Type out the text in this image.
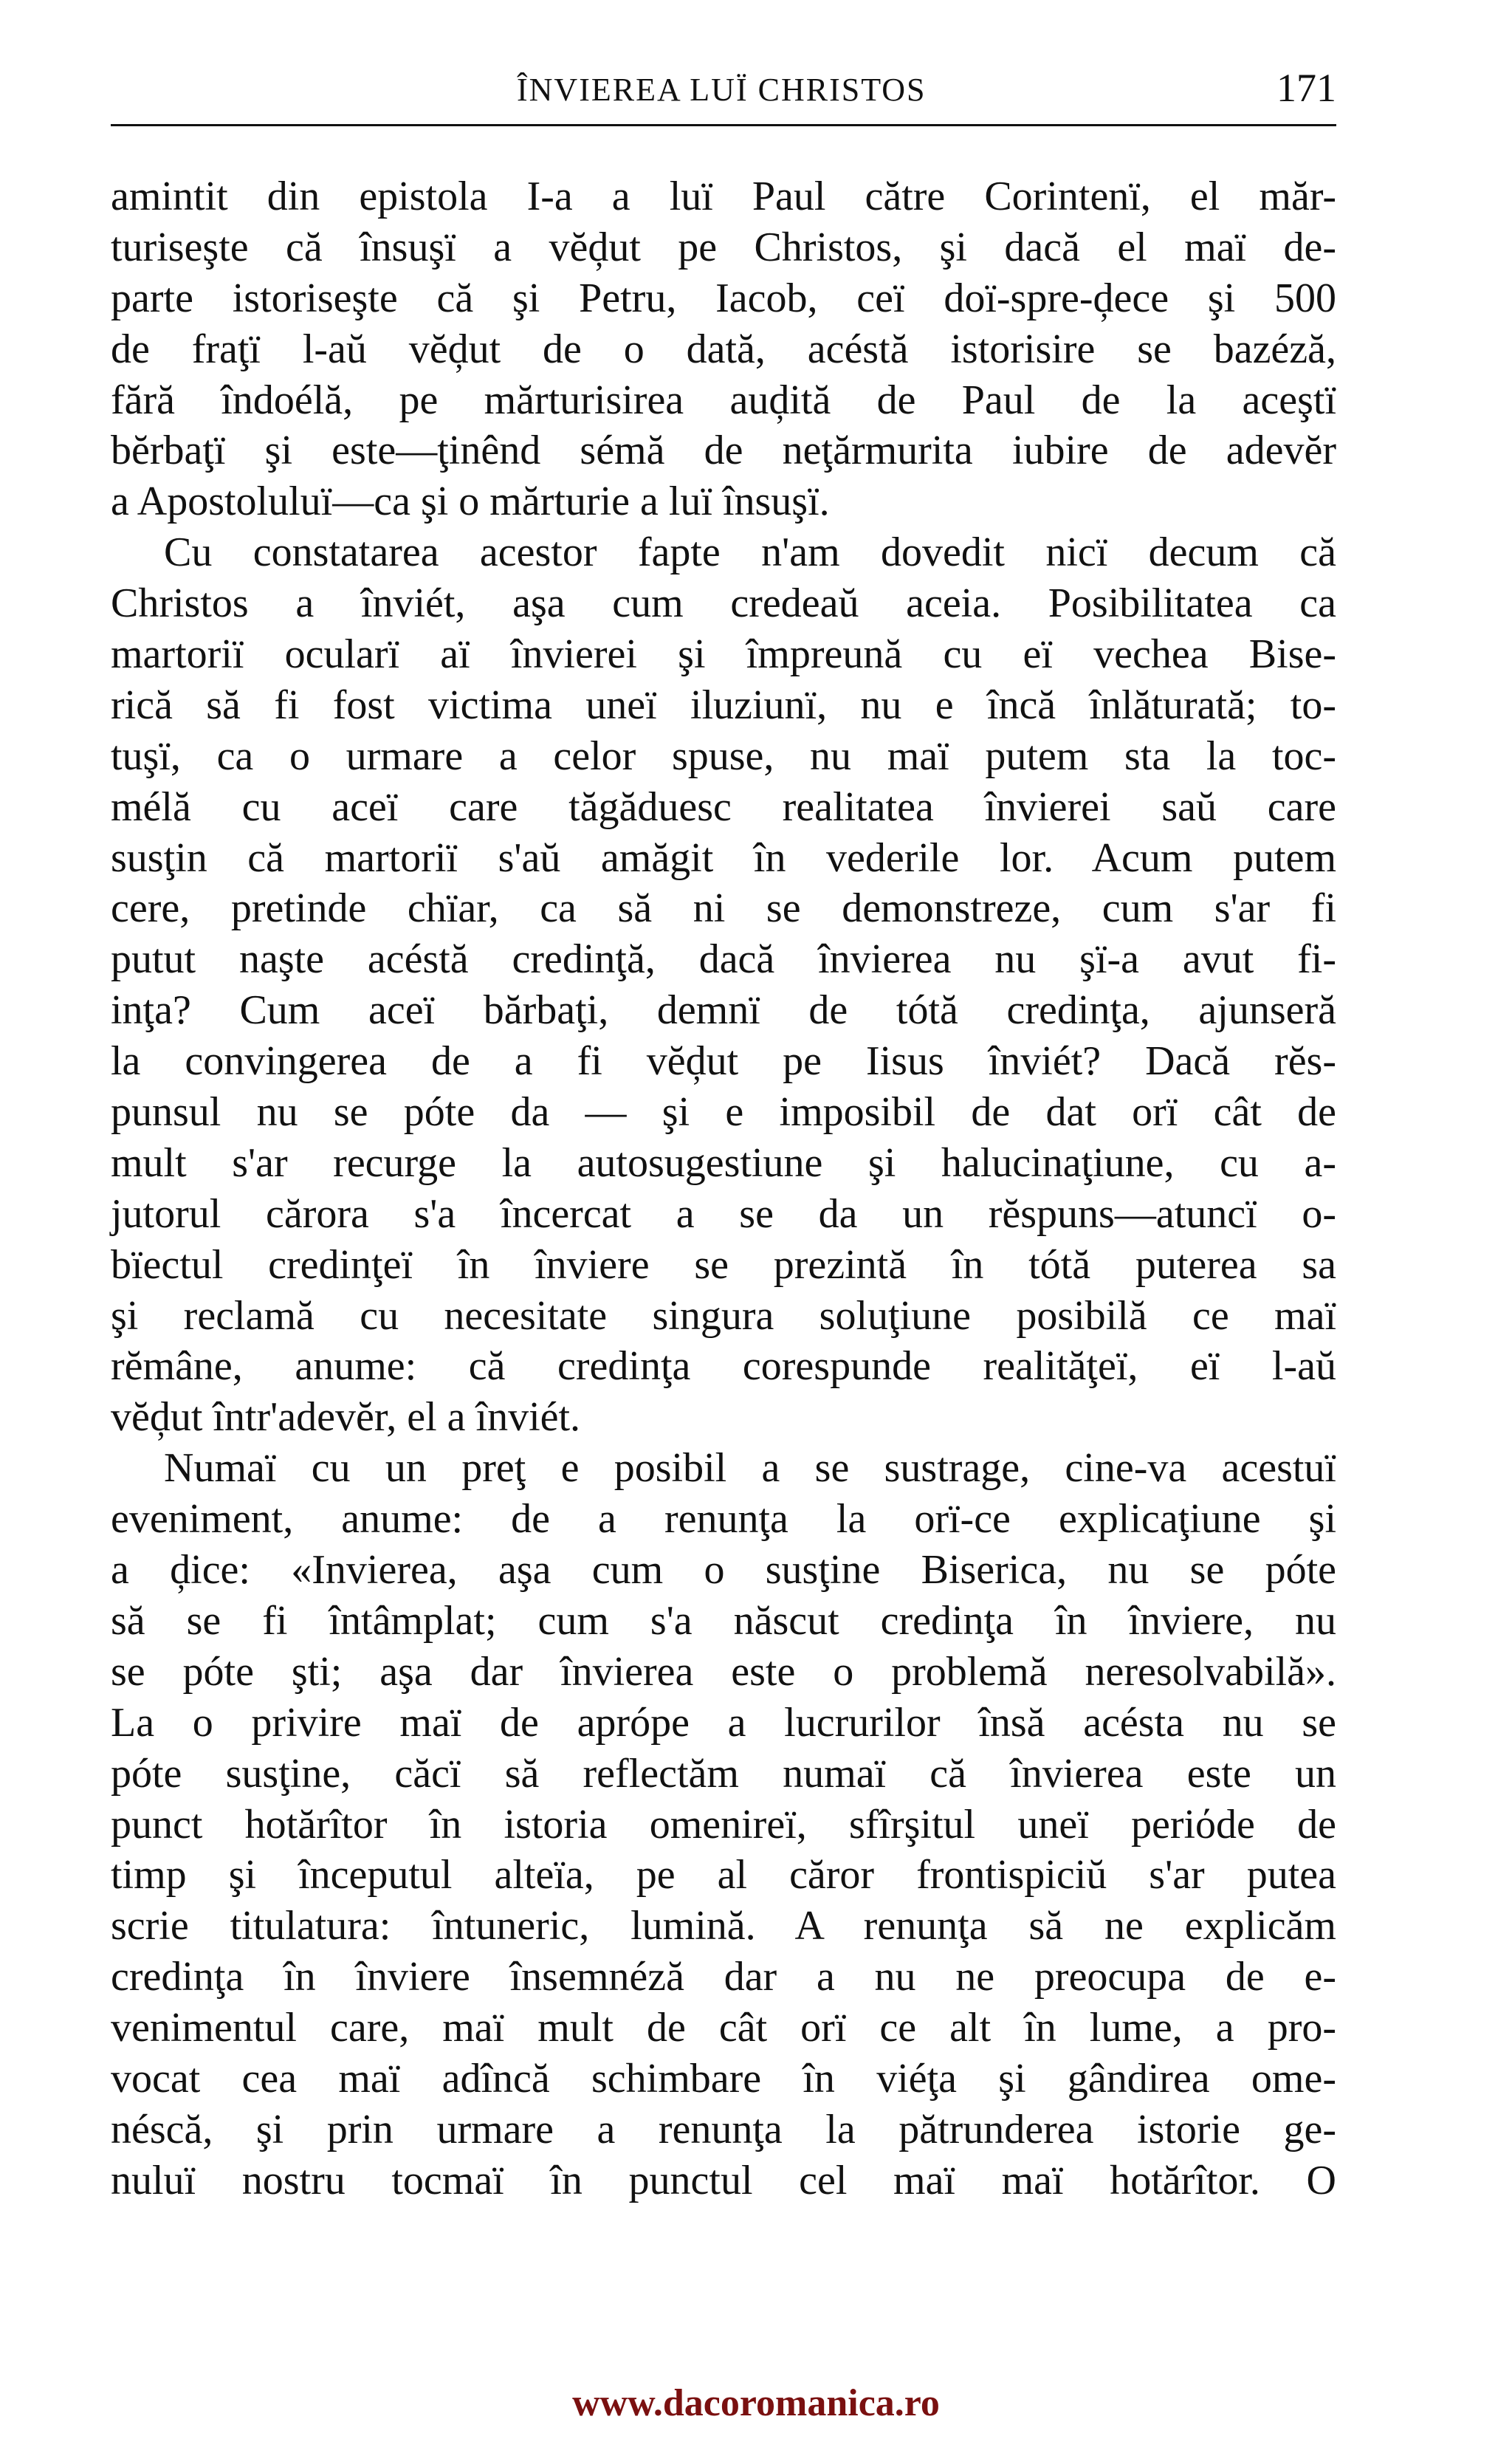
ÎNVIEREA LUÏ CHRISTOS	171
amintit din epistola I-a a luï Paul către Corintenï, el măr-
turiseşte că însuşï a vĕḑut pe Christos, şi dacă el maï de-
parte istoriseşte că şi Petru, Iacob, ceï doï-spre-ḑece şi 500
de fraţï l-aŭ vĕḑut de o dată, acéstă istorisire se bazéză,
fără îndoélă, pe mărturisirea auḑită de Paul de la aceştï
bĕrbaţï şi este—ţinênd sémă de neţărmurita iubire de adevĕr
a Apostoluluï—ca şi o mărturie a luï însuşï.
Cu constatarea acestor fapte n'am dovedit nicï decum că
Christos a înviét, aşa cum credeaŭ aceia. Posibilitatea ca
martoriï ocularï aï învierei şi împreună cu eï vechea Bise-
rică să fi fost victima uneï iluziunï, nu e încă înlăturată; to-
tuşï, ca o urmare a celor spuse, nu maï putem sta la toc-
mélă cu aceï care tăgăduesc realitatea învierei saŭ care
susţin că martoriï s'aŭ amăgit în vederile lor. Acum putem
cere, pretinde chïar, ca să ni se demonstreze, cum s'ar fi
putut naşte acéstă credinţă, dacă învierea nu şï-a avut fi-
inţa? Cum aceï bărbaţi, demnï de tótă credinţa, ajunseră
la convingerea de a fi vĕḑut pe Iisus înviét? Dacă rĕs-
punsul nu se póte da — şi e imposibil de dat orï cât de
mult s'ar recurge la autosugestiune şi halucinaţiune, cu a-
jutorul cărora s'a încercat a se da un rĕspuns—atuncï o-
bïectul credinţeï în înviere se prezintă în tótă puterea sa
şi reclamă cu necesitate singura soluţiune posibilă ce maï
rĕmâne, anume: că credinţa corespunde realităţeï, eï l-aŭ
vĕḑut într'adevĕr, el a înviét.
Numaï cu un preţ e posibil a se sustrage, cine-va acestuï
eveniment, anume: de a renunţa la orï-ce explicaţiune şi
a ḑice: «Invierea, aşa cum o susţine Biserica, nu se póte
să se fi întâmplat; cum s'a născut credinţa în înviere, nu
se póte şti; aşa dar învierea este o problemă neresolvabilă».
La o privire maï de aprópe a lucrurilor însă acésta nu se
póte susţine, căcï să reflectăm numaï că învierea este un
punct hotărîtor în istoria omenireï, sfîrşitul uneï periόde de
timp şi începutul alteïa, pe al căror frontispiciŭ s'ar putea
scrie titulatura: întuneric, lumină. A renunţa să ne explicăm
credinţa în înviere însemnéză dar a nu ne preocupa de e-
venimentul care, maï mult de cât orï ce alt în lume, a pro-
vocat cea maï adîncă schimbare în viéţa şi gândirea ome-
néscă, şi prin urmare a renunţa la pătrunderea istorie ge-
nuluï nostru tocmaï în punctul cel maï maï hotărîtor. O
www.dacoromanica.ro
